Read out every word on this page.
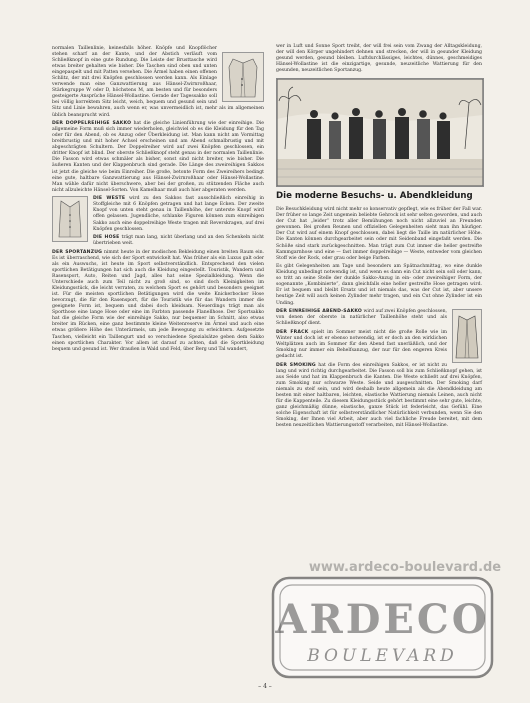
normalen Taillenlinie, keinesfalls höher. Knöpfe und Knopflöcher stehen scharf an der Kante, und der Abstich verläuft vom Schließknopf in eine gute Rundung. Die Leiste der Brusttasche wird etwas breiter gehalten wie bisher. Die Taschen sind oben und unten eingepaspelt und mit Patten versehen. Die Ärmel haben einen offenen Schlitz, der mit drei Knöpfen geschlossen werden kann. Als Einlage verwende man eine Ganzwattierung aus Hänsel-Zwirnroßhaar, Stärkegruppe W oder D, höchstens M, am besten und für besonders gesteigerte Ansprüche Hänsel-Wollastine. Gerade der Tagessakko soll bei völlig korrektem Sitz leicht, weich, bequem und gesund sein und Sitz und Linie bewahren, auch wenn er, was unvermeidlich ist, mehr als im allgemeinen üblich beansprucht wird.

DER DOPPELREIHIGE SAKKO hat die gleiche Linienführung wie der einreihige. Die allgemeine Form muß sich immer wiederholen, gleichviel ob es die Kleidung für den Tag oder für den Abend, ob es Anzug oder Überkleidung ist. Man kann nicht am Vormittag breitbrustig und mit hoher Achsel erscheinen und am Abend schmalbrustig und mit abgeschrägten Schultern. Der Doppelreiher wird auf zwei Knöpfen geschlossen, ein dritter Knopf ist blind. Der oberste Schließknopf steht genau in der normalen Taillenlinie. Die Fasson wird etwas schmäler als bisher, sonst sind nicht breiter, wie bisher. Die äußeren Kanten und der Klappenbruch sind gerade. Die Länge des zweireihigen Sakkos ist jetzt die gleiche wie beim Einreiher. Die große, betonte Form des Zweireihers bedingt eine gute, haltbare Ganzwattierung aus Hänsel-Zwirnroßhaar oder Hänsel-Wollastine. Man wähle dafür nicht überschwere, aber bei der großen, zu stützenden Fläche auch nicht allzuleichte Hänsel-Sorten. Von Kamelhaar muß auch hier abgeraten werden.

DIE WESTE wird zu den Sakkos fast ausschließlich einreihig in Stoffgleiche mit 6 Knöpfen getragen und hat lange Ecken. Der zweite Knopf von unten steht genau in Taillenhöhe, der unterste Knopf wird offen gelassen. Jugendliche, schlanke Figuren können zum einreihigen Sakko auch eine doppelreihige Weste tragen mit Reverskragen, auf drei Knöpfen geschlossen.

DIE HOSE trägt man lang, nicht überlang und an den Schenkeln nicht übertrieben weit.

DER SPORTANZUG nimmt heute in der modischen Bekleidung einen breiten Raum ein. Es ist überraschend, wie sich der Sport entwickelt hat. Was früher als ein Luxus galt oder als ein Auswuchs, ist heute im Sport selbstverständlich. Entsprechend den vielen sportlichen Betätigungen hat sich auch die Kleidung eingestellt. Touristik, Wandern und Rasensport, Auto, Reiten und Jagd, alles hat seine Spezialkleidung. Wenn die Unterschiede auch zum Teil nicht zu groß sind, so sind doch Kleinigkeiten im Kleidungsstück, die leicht verraten, zu welchem Sport es gehört und besonders geeignet ist. Für die meisten sportlichen Betätigungen wird die weite Knickerbocker Hose bevorzugt, die für den Rasensport, für die Touristik wie für das Wandern immer die geeignete Form ist, bequem und dabei doch kleidsam. Neuerdings trägt man als Sporthose eine lange Hose oder eine im Farbton passende Flanellhose. Der Sportsakko hat die gleiche Form wie der einreihige Sakko, nur bequemer im Schnitt, also etwas breiter im Rücken, eine ganz bestimmte kleine Weitenreserve im Ärmel und auch eine etwas größere Höhe des Unterärmels, um jede Bewegung zu erleichtern. Aufgesetzte Taschen, vielleicht ein Taillengurt und so verschiedene Spezialsätze geben dem Sakko einen sportlichen Charakter. Vor allem ist darauf zu achten, daß die Sportkleidung bequem und gesund ist. Wer draußen in Wald und Feld, über Berg und Tal wandert,

wer in Luft und Sonne Sport treibt, der will frei sein vom Zwang der Alltagskleidung, der will den Körper ungehindert dehnen und strecken, der will in gesunder Kleidung gesund werden, gesund bleiben. Luftdurchlässiges, leichtes, dünnes, geschmeidiges Hänsel-Wollastine ist die einzigartige, gesunde, neuzeitliche Wattierung für den gesunden, neuzeitlichen Sportanzug.

Die moderne Besuchs- u. Abendkleidung

Die Besuchkleidung wird nicht mehr so konservativ gepflegt, wie es früher der Fall war. Der früher so lange Zeit ungemein beliebte Gehrock ist sehr selten geworden, und auch der Cut hat „leider“ trotz aller Bemühungen noch nicht allzuviel an Freunden gewonnen. Bei großen Reunen und offiziellen Gelegenheiten sieht man ihn häufiger. Der Cut wird auf einem Knopf geschlossen, dabei liegt die Taille im natürlicher Höhe. Die Kanten können durchgearbeitet sein oder mit Seidenband eingefaßt werden. Die Schöße sind stark zurückgeschnitten. Man trägt zum Cut immer die heller gestreifte Kammgarnhose und eine — fast immer doppelreihige — Weste, entweder vom gleichen Stoff wie der Rock, oder grau oder beige Farben.

Es gibt Gelegenheiten am Tage und besonders am Spätnachmittag, wo eine dunkle Kleidung unbedingt notwendig ist, und wenn es dann ein Cut nicht sein soll oder kann, so tritt an seine Stelle der dunkle Sakko-Anzug in ein- oder zweireihiger Form, der sogenannte „Kombinierte“, dann gleichfalls eine heller gestreifte Hose getragen wird. Er ist bequem und bleibt Ersatz und ist niemals das, was der Cut ist, aber unsere heutige Zeit will auch keinen Zylinder mehr tragen, und ein Cut ohne Zylinder ist ein Unding.

DER EINREIHIGE ABEND-SAKKO wird auf zwei Knöpfen geschlossen, von denen der oberste in natürlicher Taillenhöhe steht und als Schließknopf dient.

DER FRACK spielt im Sommer meist nicht die große Rolle wie im Winter und doch ist er ebenso notwendig, ist er doch an den wirklichen Weltplätzen auch im Sommer für den Abend fast unerläßlich, und der Smoking nur immer ein Behelfsanzug, der nur für den engeren Kreis gedacht ist.

DER SMOKING hat die Form des einreihigen Sakkos, er ist nicht zu lang und wird richtig durchgearbeitet. Die Fasson soll bis zum Schließknopf gehen, ist aus Seide und hat im Klappenbruch die Kanten. Die Weste schließt auf drei Knöpfen, zum Smoking nur schwarze Weste. Seide und ausgeschnitten. Der Smoking darf niemals zu steif sein, und wird deshalb heute allgemein als die Abendkleidung am besten mit einer haltbaren, leichten, elastische Wattierung niemals Leinen, auch nicht für die Kappenteile. Zu diesem Kleidungsstück gehört bestimmt eine sehr gute, leichte, ganz gleichmäßig dünne, elastische, ganze Stück ist federleicht, das Gefühl. Eine solche Eigenschaft ist für selbstverständlicher Natürlichkeit verbunden, wenn Sie den Smoking, der Ihnen viel Arbeit, aber auch viel fachliche Freude bereitet, mit dem besten neuzeitlichen Wattierungsstoff verarbeiten, mit Hänsel-Wollastine.

www.ardeco-boulevard.de
ARDECO
BOULEVARD
– 4 –
